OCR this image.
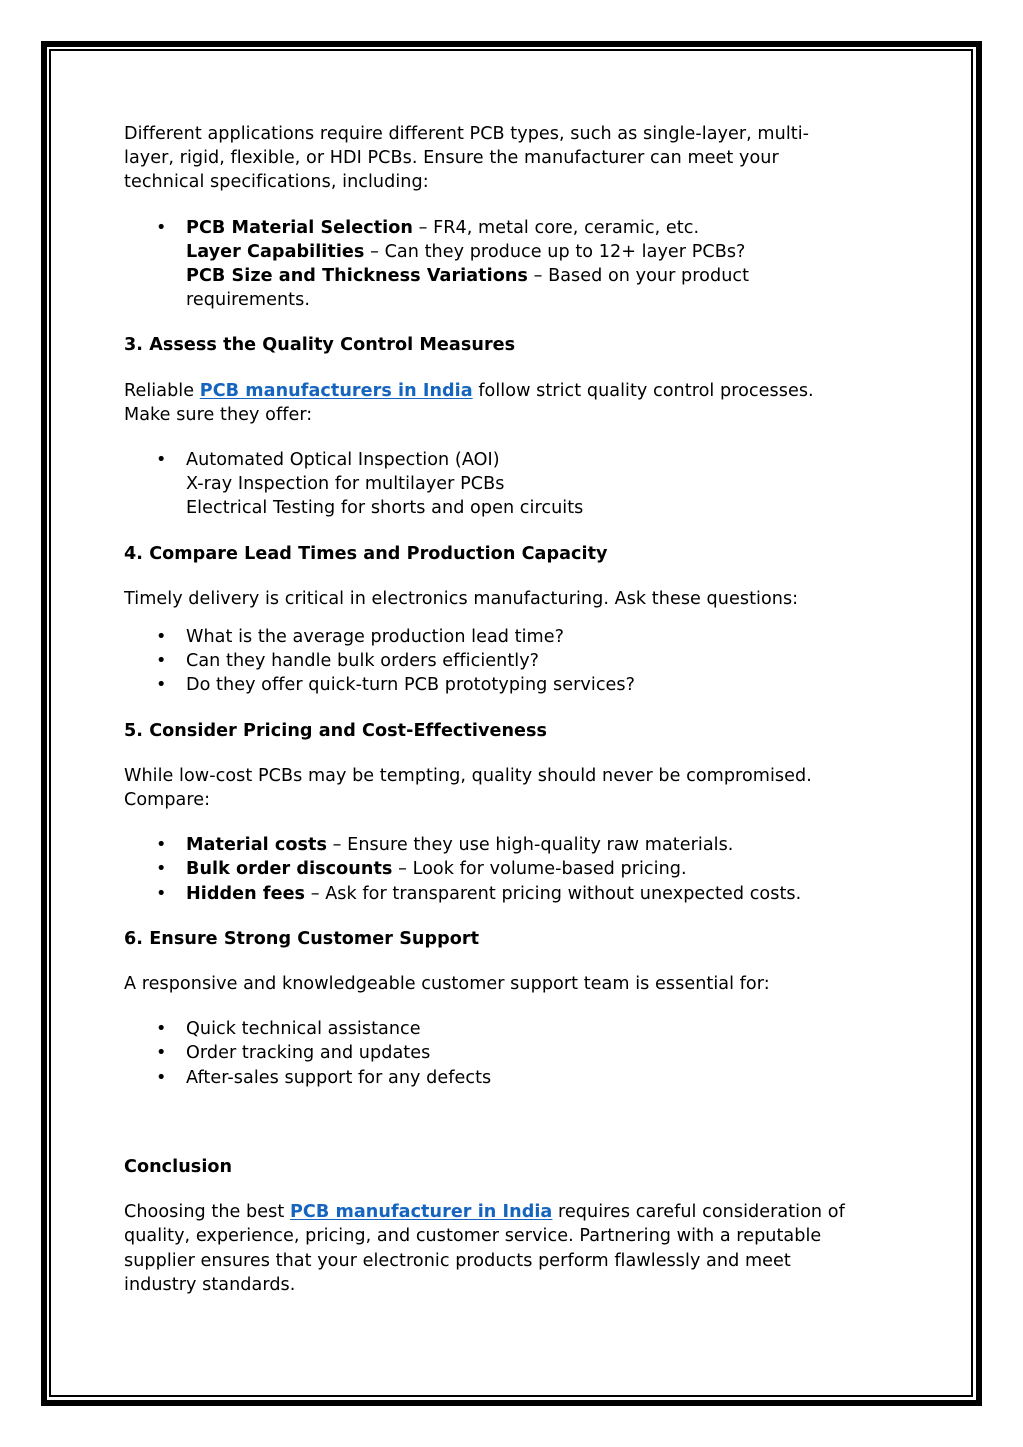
Different applications require different PCB types, such as single-layer, multi-
layer, rigid, flexible, or HDI PCBs. Ensure the manufacturer can meet your
technical specifications, including:
• PCB Material Selection – FR4, metal core, ceramic, etc.
Layer Capabilities – Can they produce up to 12+ layer PCBs?
PCB Size and Thickness Variations – Based on your product
requirements.
3. Assess the Quality Control Measures
Reliable PCB manufacturers in India follow strict quality control processes.
Make sure they offer:
• Automated Optical Inspection (AOI)
X-ray Inspection for multilayer PCBs
Electrical Testing for shorts and open circuits
4. Compare Lead Times and Production Capacity

Timely delivery is critical in electronics manufacturing. Ask these questions:

• What is the average production lead time?
• Can they handle bulk orders efficiently?
• Do they offer quick-turn PCB prototyping services?
5. Consider Pricing and Cost-Effectiveness
While low-cost PCBs may be tempting, quality should never be compromised.
Compare:
• Material costs – Ensure they use high-quality raw materials.
• Bulk order discounts – Look for volume-based pricing.
• Hidden fees – Ask for transparent pricing without unexpected costs.
6. Ensure Strong Customer Support

A responsive and knowledgeable customer support team is essential for:

• Quick technical assistance
• Order tracking and updates
• After-sales support for any defects
Conclusion
Choosing the best PCB manufacturer in India requires careful consideration of
quality, experience, pricing, and customer service. Partnering with a reputable
supplier ensures that your electronic products perform flawlessly and meet
industry standards.
